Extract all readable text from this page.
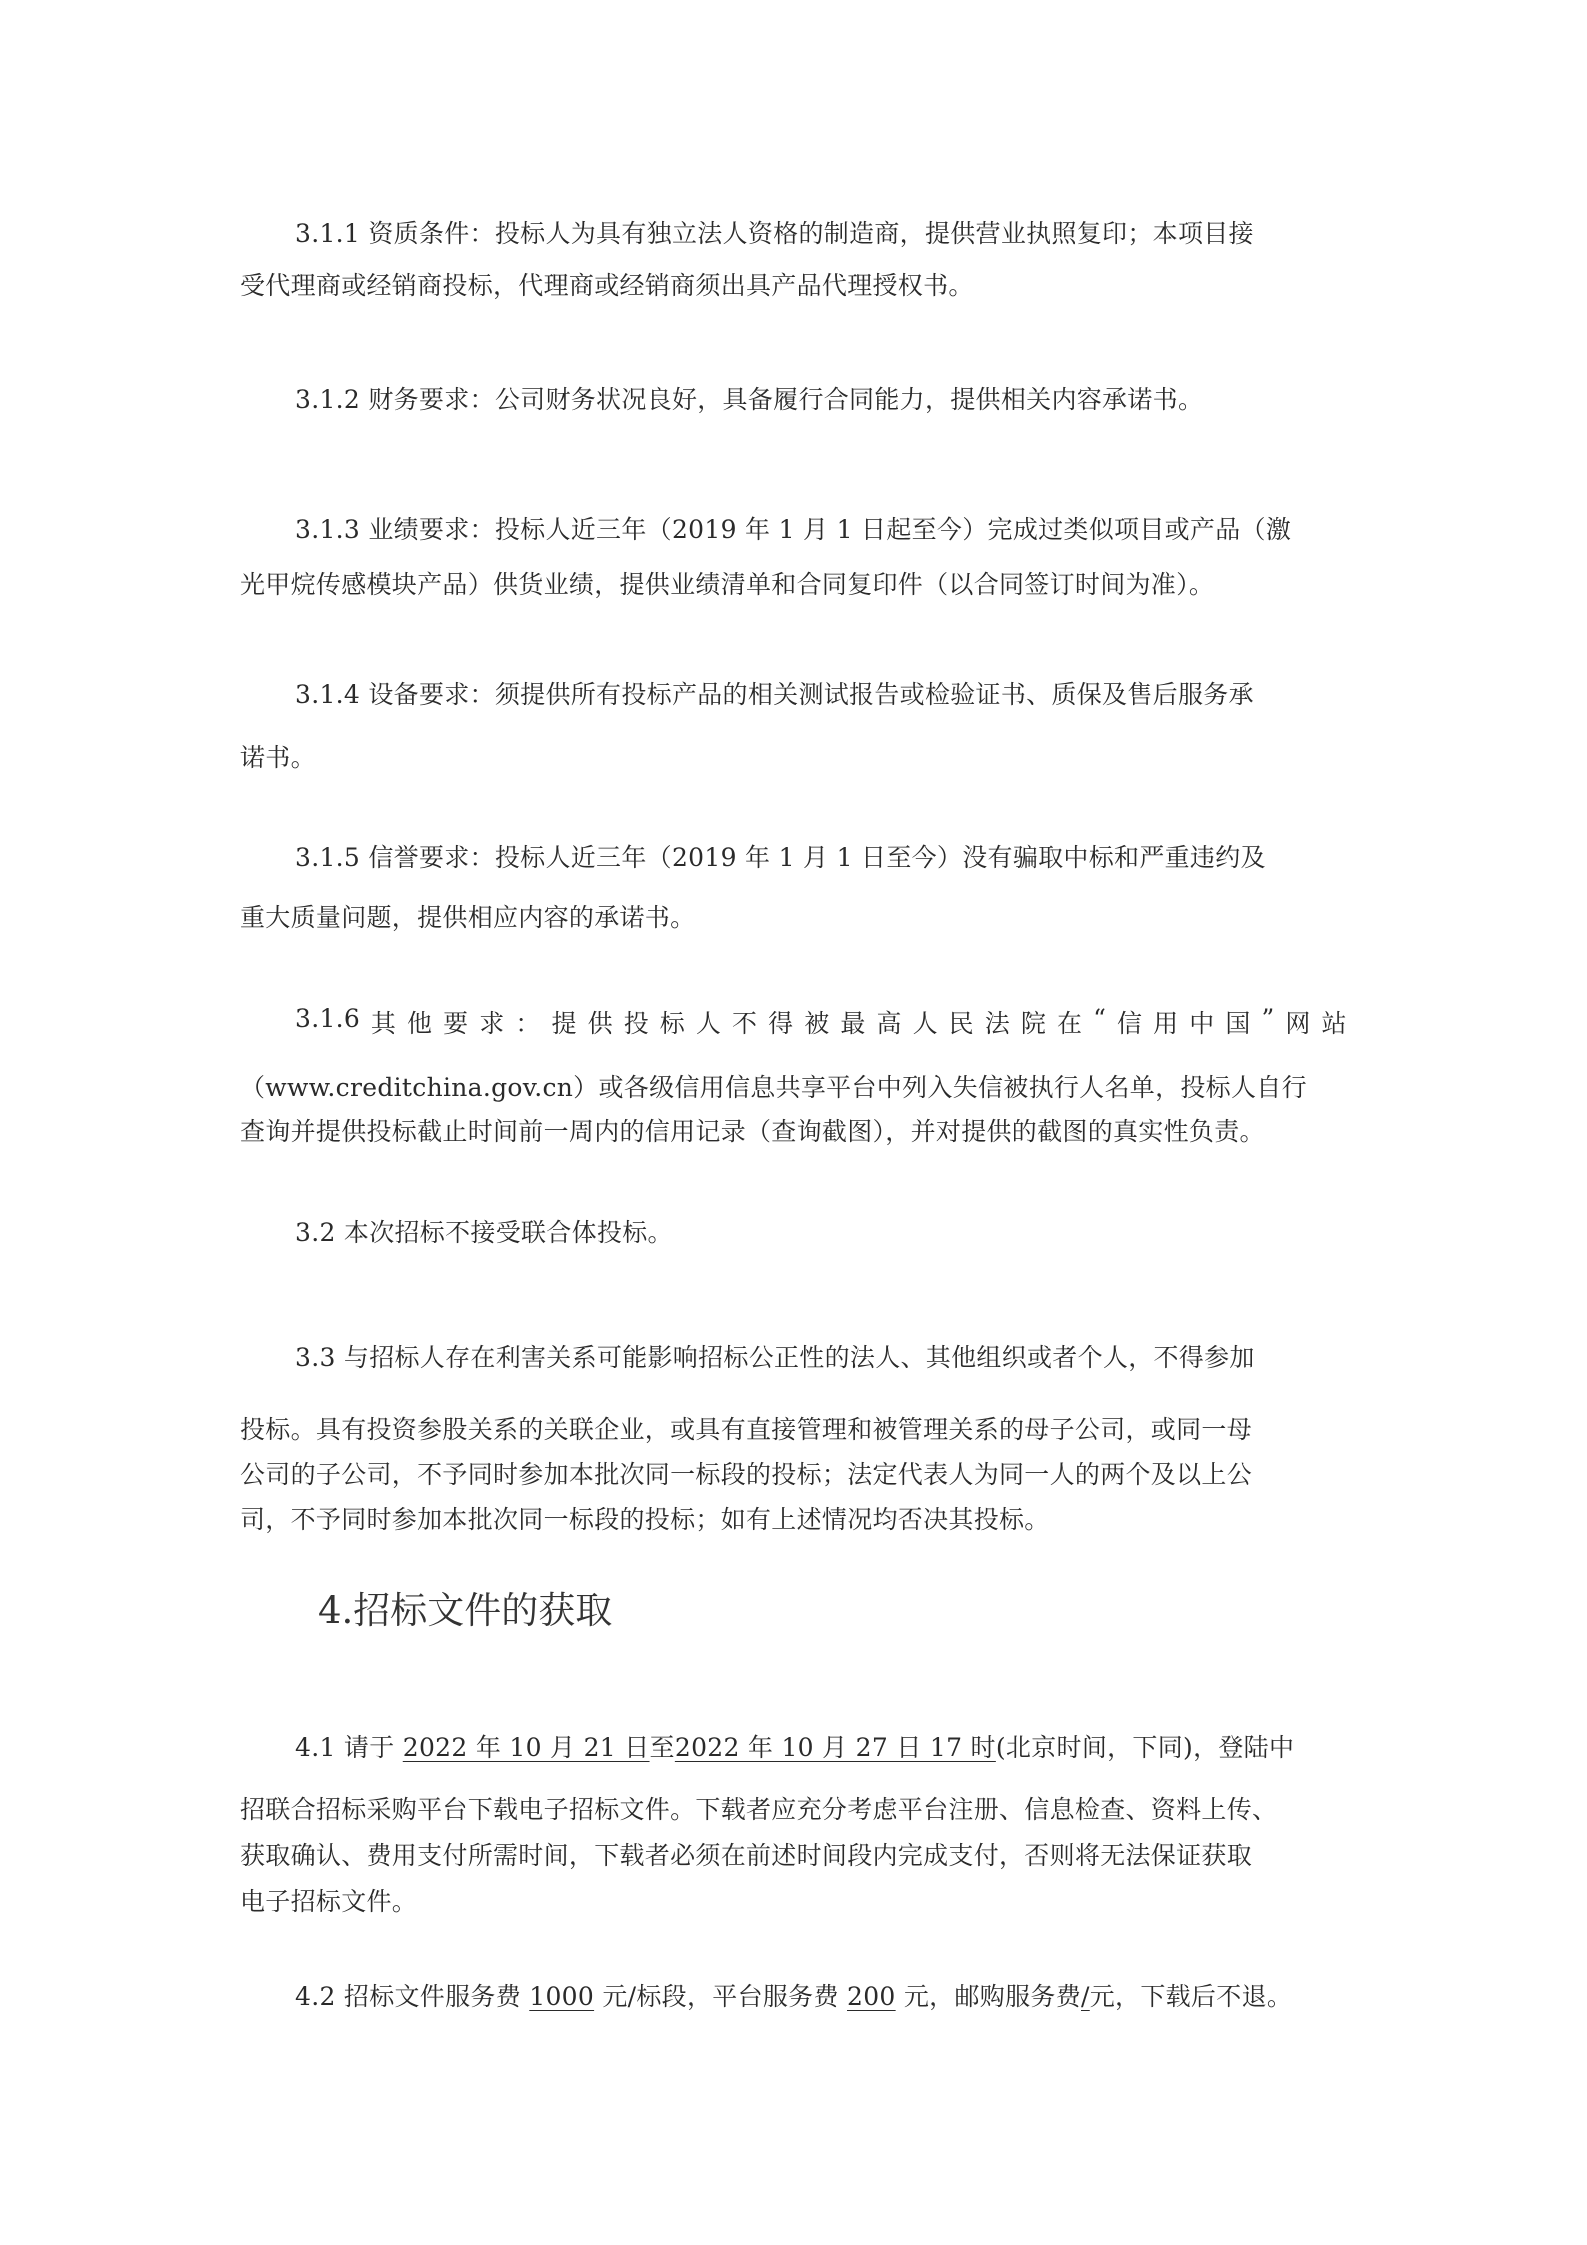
3.1.1 资质条件：投标人为具有独立法人资格的制造商，提供营业执照复印；本项目接
受代理商或经销商投标，代理商或经销商须出具产品代理授权书。
3.1.2 财务要求：公司财务状况良好，具备履行合同能力，提供相关内容承诺书。
3.1.3 业绩要求：投标人近三年（2019 年 1 月 1 日起至今）完成过类似项目或产品（激
光甲烷传感模块产品）供货业绩，提供业绩清单和合同复印件（以合同签订时间为准）。
3.1.4 设备要求：须提供所有投标产品的相关测试报告或检验证书、质保及售后服务承
诺书。
3.1.5 信誉要求：投标人近三年（2019 年 1 月 1 日至今）没有骗取中标和严重违约及
重大质量问题，提供相应内容的承诺书。
3.1.6 其 他 要 求 ： 提 供 投 标 人 不 得 被 最 高 人 民 法 院 在 “ 信 用 中 国 ” 网 站
（www.creditchina.gov.cn）或各级信用信息共享平台中列入失信被执行人名单，投标人自行
查询并提供投标截止时间前一周内的信用记录（查询截图），并对提供的截图的真实性负责。
3.2 本次招标不接受联合体投标。
3.3 与招标人存在利害关系可能影响招标公正性的法人、其他组织或者个人，不得参加
投标。具有投资参股关系的关联企业，或具有直接管理和被管理关系的母子公司，或同一母
公司的子公司，不予同时参加本批次同一标段的投标；法定代表人为同一人的两个及以上公
司，不予同时参加本批次同一标段的投标；如有上述情况均否决其投标。
4.招标文件的获取
4.1 请于 2022 年 10 月 21 日至2022 年 10 月 27 日 17 时(北京时间，下同)，登陆中
招联合招标采购平台下载电子招标文件。下载者应充分考虑平台注册、信息检查、资料上传、
获取确认、费用支付所需时间，下载者必须在前述时间段内完成支付，否则将无法保证获取
电子招标文件。
4.2 招标文件服务费 1000 元/标段，平台服务费 200 元，邮购服务费/元，下载后不退。
